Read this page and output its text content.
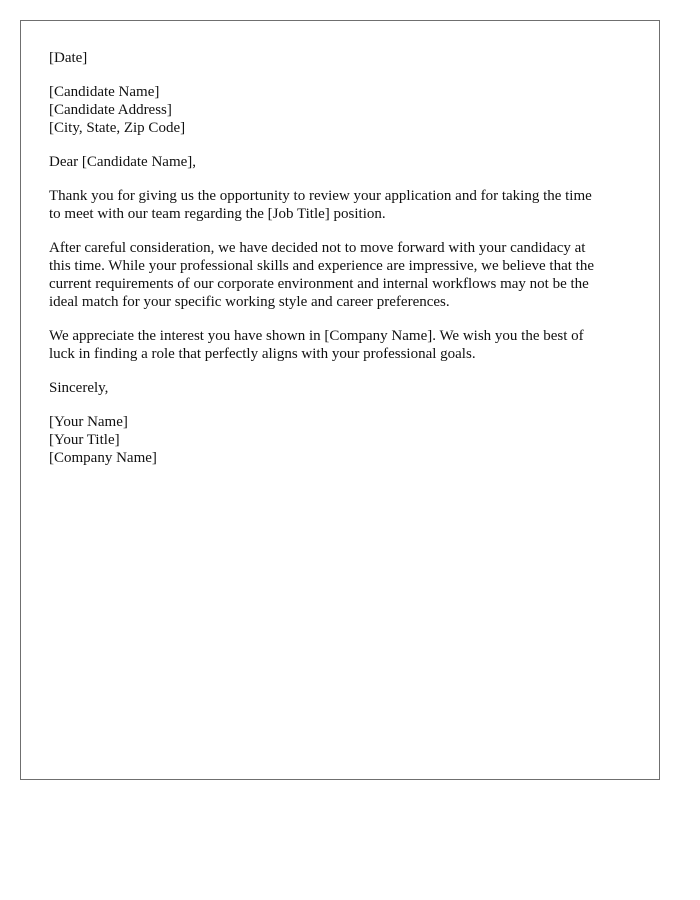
[Date]
[Candidate Name]
[Candidate Address]
[City, State, Zip Code]
Dear [Candidate Name],
Thank you for giving us the opportunity to review your application and for taking the time
to meet with our team regarding the [Job Title] position.
After careful consideration, we have decided not to move forward with your candidacy at
this time. While your professional skills and experience are impressive, we believe that the
current requirements of our corporate environment and internal workflows may not be the
ideal match for your specific working style and career preferences.
We appreciate the interest you have shown in [Company Name]. We wish you the best of
luck in finding a role that perfectly aligns with your professional goals.
Sincerely,
[Your Name]
[Your Title]
[Company Name]
